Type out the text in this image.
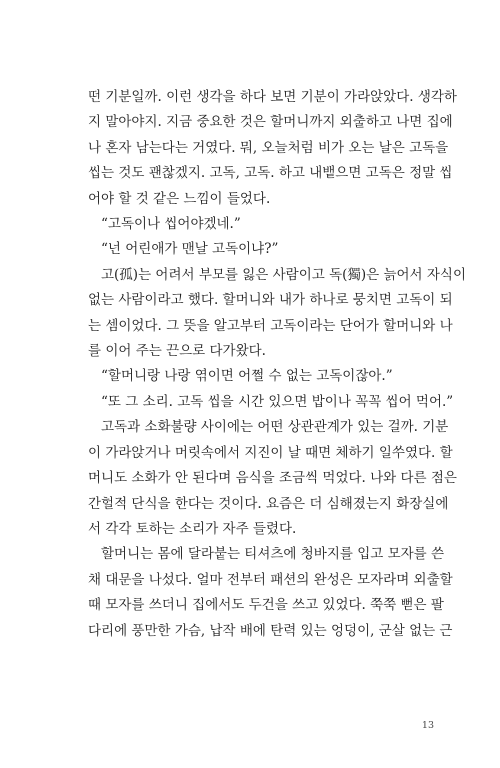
떤 기분일까. 이런 생각을 하다 보면 기분이 가라앉았다. 생각하
지 말아야지. 지금 중요한 것은 할머니까지 외출하고 나면 집에
나 혼자 남는다는 거였다. 뭐, 오늘처럼 비가 오는 날은 고독을
씹는 것도 괜찮겠지. 고독, 고독. 하고 내뱉으면 고독은 정말 씹
어야 할 것 같은 느낌이 들었다.
“고독이나 씹어야겠네.”
“넌 어린애가 맨날 고독이냐?”
고(孤)는 어려서 부모를 잃은 사람이고 독(獨)은 늙어서 자식이
없는 사람이라고 했다. 할머니와 내가 하나로 뭉치면 고독이 되
는 셈이었다. 그 뜻을 알고부터 고독이라는 단어가 할머니와 나
를 이어 주는 끈으로 다가왔다.
“할머니랑 나랑 엮이면 어쩔 수 없는 고독이잖아.”
“또 그 소리. 고독 씹을 시간 있으면 밥이나 꼭꼭 씹어 먹어.”
고독과 소화불량 사이에는 어떤 상관관계가 있는 걸까. 기분
이 가라앉거나 머릿속에서 지진이 날 때면 체하기 일쑤였다. 할
머니도 소화가 안 된다며 음식을 조금씩 먹었다. 나와 다른 점은
간헐적 단식을 한다는 것이다. 요즘은 더 심해졌는지 화장실에
서 각각 토하는 소리가 자주 들렸다.
할머니는 몸에 달라붙는 티셔츠에 청바지를 입고 모자를 쓴
채 대문을 나섰다. 얼마 전부터 패션의 완성은 모자라며 외출할
때 모자를 쓰더니 집에서도 두건을 쓰고 있었다. 쭉쭉 뻗은 팔
다리에 풍만한 가슴, 납작 배에 탄력 있는 엉덩이, 군살 없는 근
13
